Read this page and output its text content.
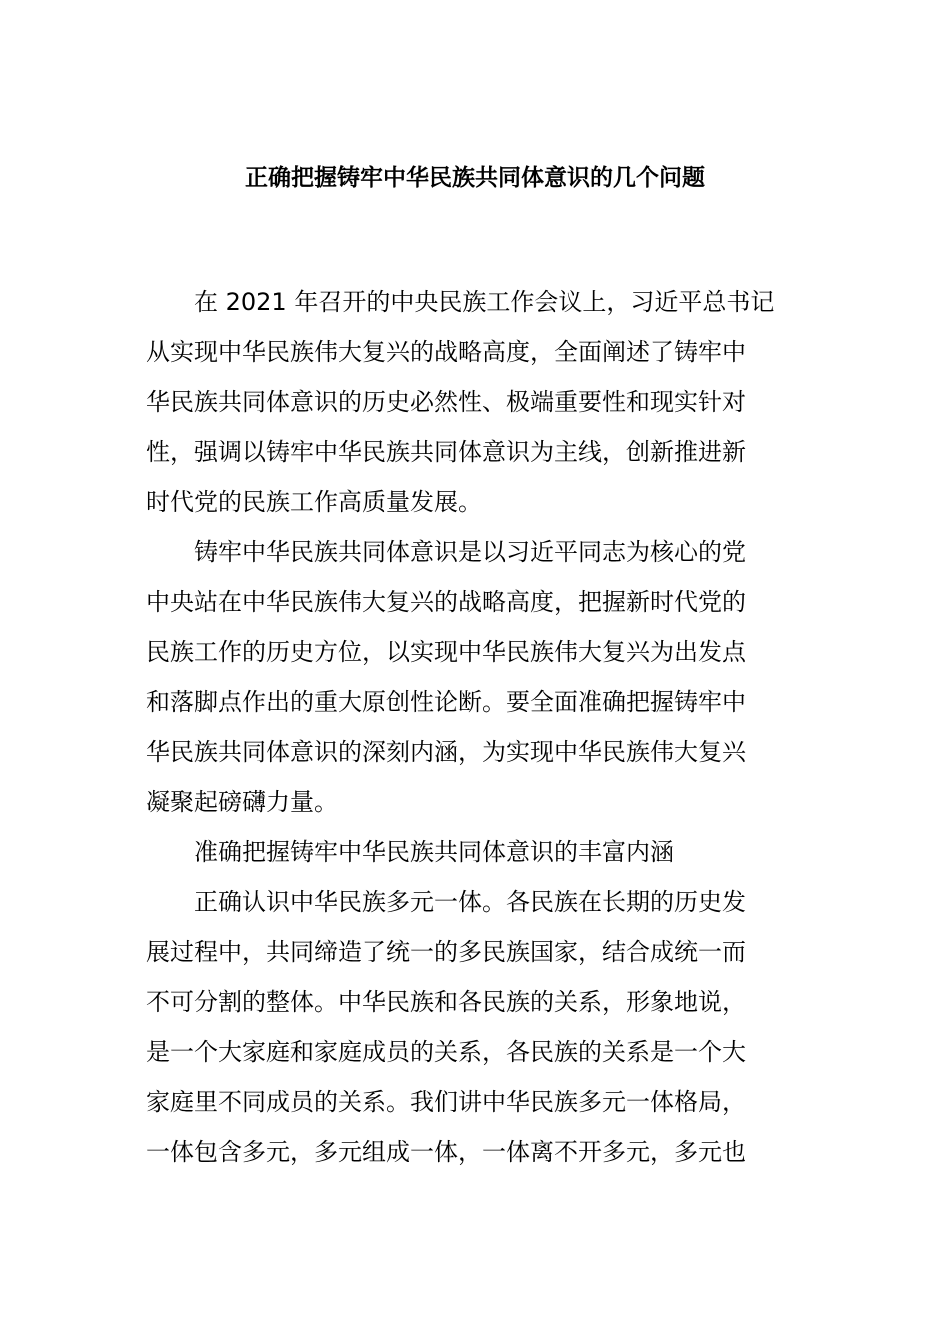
正确把握铸牢中华民族共同体意识的几个问题

在 2021 年召开的中央民族工作会议上，习近平总书记

从实现中华民族伟大复兴的战略高度，全面阐述了铸牢中

华民族共同体意识的历史必然性、极端重要性和现实针对

性，强调以铸牢中华民族共同体意识为主线，创新推进新

时代党的民族工作高质量发展。

铸牢中华民族共同体意识是以习近平同志为核心的党

中央站在中华民族伟大复兴的战略高度，把握新时代党的

民族工作的历史方位，以实现中华民族伟大复兴为出发点

和落脚点作出的重大原创性论断。要全面准确把握铸牢中

华民族共同体意识的深刻内涵，为实现中华民族伟大复兴

凝聚起磅礴力量。

准确把握铸牢中华民族共同体意识的丰富内涵

正确认识中华民族多元一体。各民族在长期的历史发

展过程中，共同缔造了统一的多民族国家，结合成统一而

不可分割的整体。中华民族和各民族的关系，形象地说，

是一个大家庭和家庭成员的关系，各民族的关系是一个大

家庭里不同成员的关系。我们讲中华民族多元一体格局，

一体包含多元，多元组成一体，一体离不开多元，多元也
